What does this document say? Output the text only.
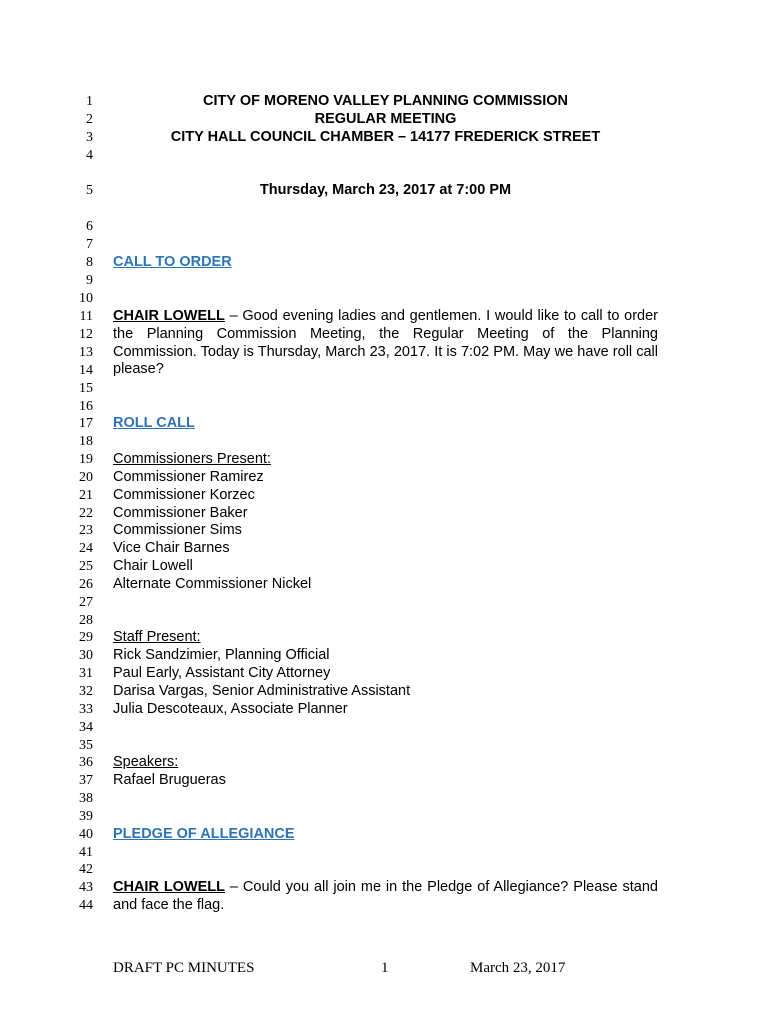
1
2
3
4
5
6
7
8
9
10
11
12
13
14
15
16
17
18
19
20
21
22
23
24
25
26
27
28
29
30
31
32
33
34
35
36
37
38
39
40
41
42
43
44
CITY OF MORENO VALLEY PLANNING COMMISSION
REGULAR MEETING
CITY HALL COUNCIL CHAMBER – 14177 FREDERICK STREET
Thursday, March 23, 2017 at 7:00 PM
CALL TO ORDER
CHAIR LOWELL – Good evening ladies and gentlemen. I would like to call to order the Planning Commission Meeting, the Regular Meeting of the Planning Commission. Today is Thursday, March 23, 2017. It is 7:02 PM. May we have roll call please?
ROLL CALL
Commissioners Present:
Commissioner Ramirez
Commissioner Korzec
Commissioner Baker
Commissioner Sims
Vice Chair Barnes
Chair Lowell
Alternate Commissioner Nickel
Staff Present:
Rick Sandzimier, Planning Official
Paul Early, Assistant City Attorney
Darisa Vargas, Senior Administrative Assistant
Julia Descoteaux, Associate Planner
Speakers:
Rafael Brugueras
PLEDGE OF ALLEGIANCE
CHAIR LOWELL – Could you all join me in the Pledge of Allegiance? Please stand and face the flag.
DRAFT PC MINUTES	1	March 23, 2017
